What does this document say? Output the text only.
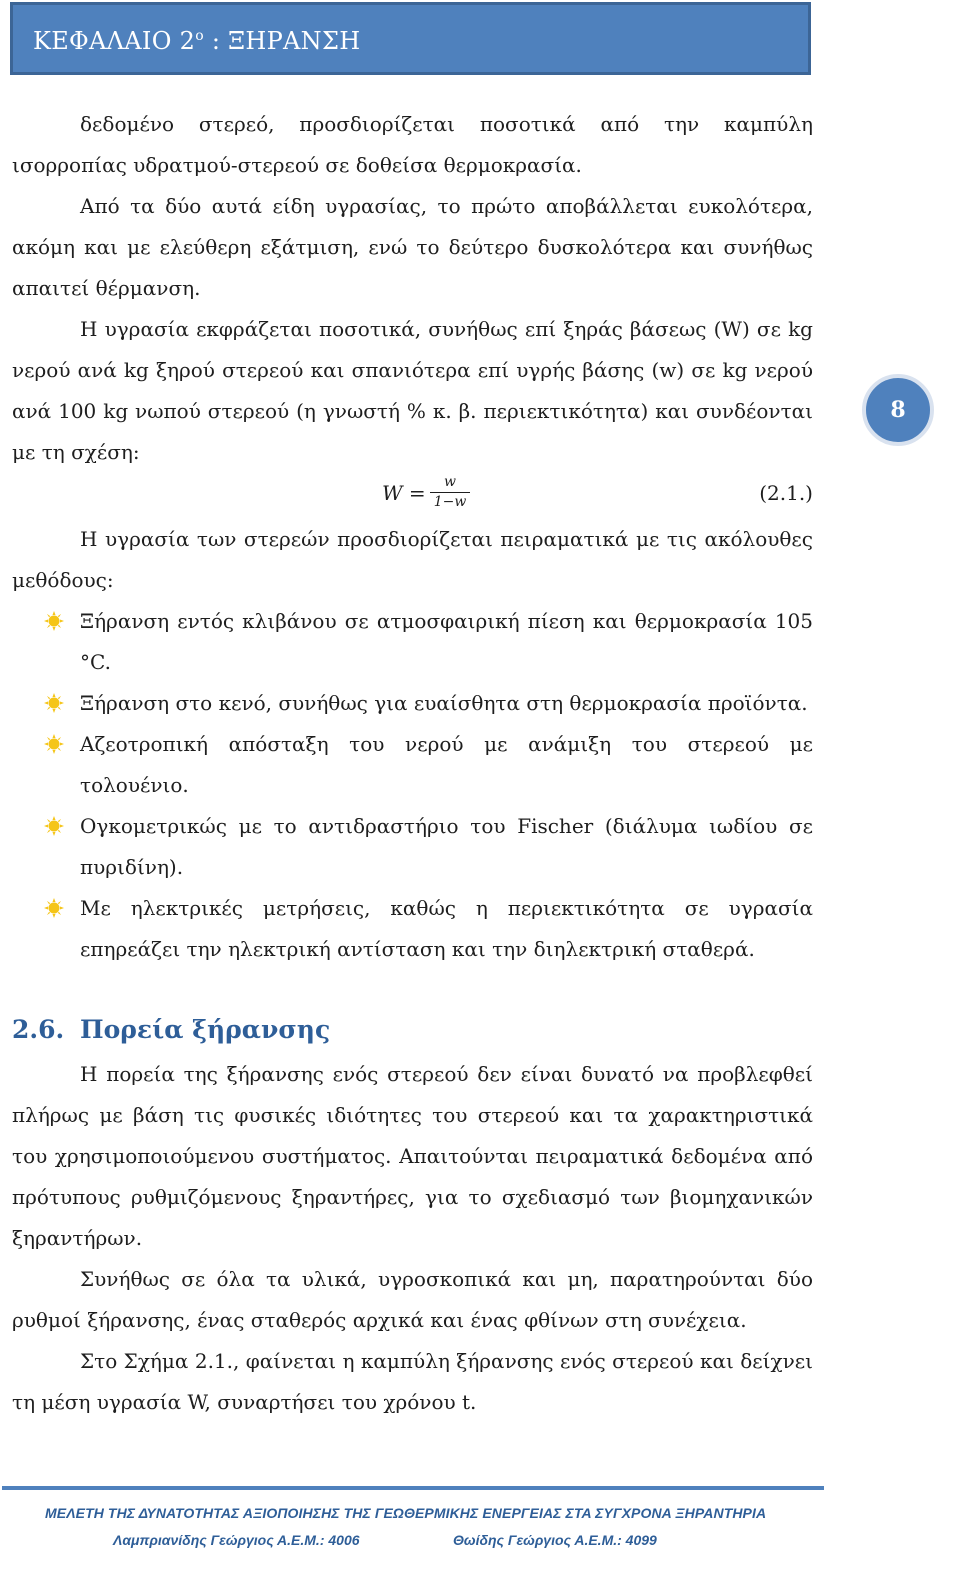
ΚΕΦΑΛΑΙΟ $2^o$ : ΞΗΡΑΝΣΗ
8

δεδομένο στερεό, προσδιορίζεται ποσοτικά από την καμπύλη ισορροπίας υδρατμού-στερεού σε δοθείσα θερμοκρασία.

Από τα δύο αυτά είδη υγρασίας, το πρώτο αποβάλλεται ευκολότερα, ακόμη και με ελεύθερη εξάτμιση, ενώ το δεύτερο δυσκολότερα και συνήθως απαιτεί θέρμανση.

Η υγρασία εκφράζεται ποσοτικά, συνήθως επί ξηράς βάσεως (W) σε kg νερού ανά kg ξηρού στερεού και σπανιότερα επί υγρής βάσης (w) σε kg νερού ανά 100 kg νωπού στερεού (η γνωστή % κ. β. περιεκτικότητα) και συνδέονται με τη σχέση:

$W = \frac{w}{1-w}$	(2.1.)

Η υγρασία των στερεών προσδιορίζεται πειραματικά με τις ακόλουθες μεθόδους:

Ξήρανση εντός κλιβάνου σε ατμοσφαιρική πίεση και θερμοκρασία 105 °C.
Ξήρανση στο κενό, συνήθως για ευαίσθητα στη θερμοκρασία προϊόντα.
Αζεοτροπική απόσταξη του νερού με ανάμιξη του στερεού με τολουένιο.
Ογκομετρικώς με το αντιδραστήριο του Fischer (διάλυμα ιωδίου σε πυριδίνη).
Με ηλεκτρικές μετρήσεις, καθώς η περιεκτικότητα σε υγρασία επηρεάζει την ηλεκτρική αντίσταση και την διηλεκτρική σταθερά.
2.6. Πορεία ξήρανσης

Η πορεία της ξήρανσης ενός στερεού δεν είναι δυνατό να προβλεφθεί πλήρως με βάση τις φυσικές ιδιότητες του στερεού και τα χαρακτηριστικά του χρησιμοποιούμενου συστήματος. Απαιτούνται πειραματικά δεδομένα από πρότυπους ρυθμιζόμενους ξηραντήρες, για το σχεδιασμό των βιομηχανικών ξηραντήρων.

Συνήθως σε όλα τα υλικά, υγροσκοπικά και μη, παρατηρούνται δύο ρυθμοί ξήρανσης, ένας σταθερός αρχικά και ένας φθίνων στη συνέχεια.

Στο Σχήμα 2.1., φαίνεται η καμπύλη ξήρανσης ενός στερεού και δείχνει τη μέση υγρασία W, συναρτήσει του χρόνου t.

ΜΕΛΕΤΗ ΤΗΣ ΔΥΝΑΤΟΤΗΤΑΣ ΑΞΙΟΠΟΙΗΣΗΣ ΤΗΣ ΓΕΩΘΕΡΜΙΚΗΣ ΕΝΕΡΓΕΙΑΣ ΣΤΑ ΣΥΓΧΡΟΝΑ ΞΗΡΑΝΤΗΡΙΑ
Λαμπριανίδης Γεώργιος Α.Ε.Μ.: 4006	Θωίδης Γεώργιος Α.Ε.Μ.: 4099
